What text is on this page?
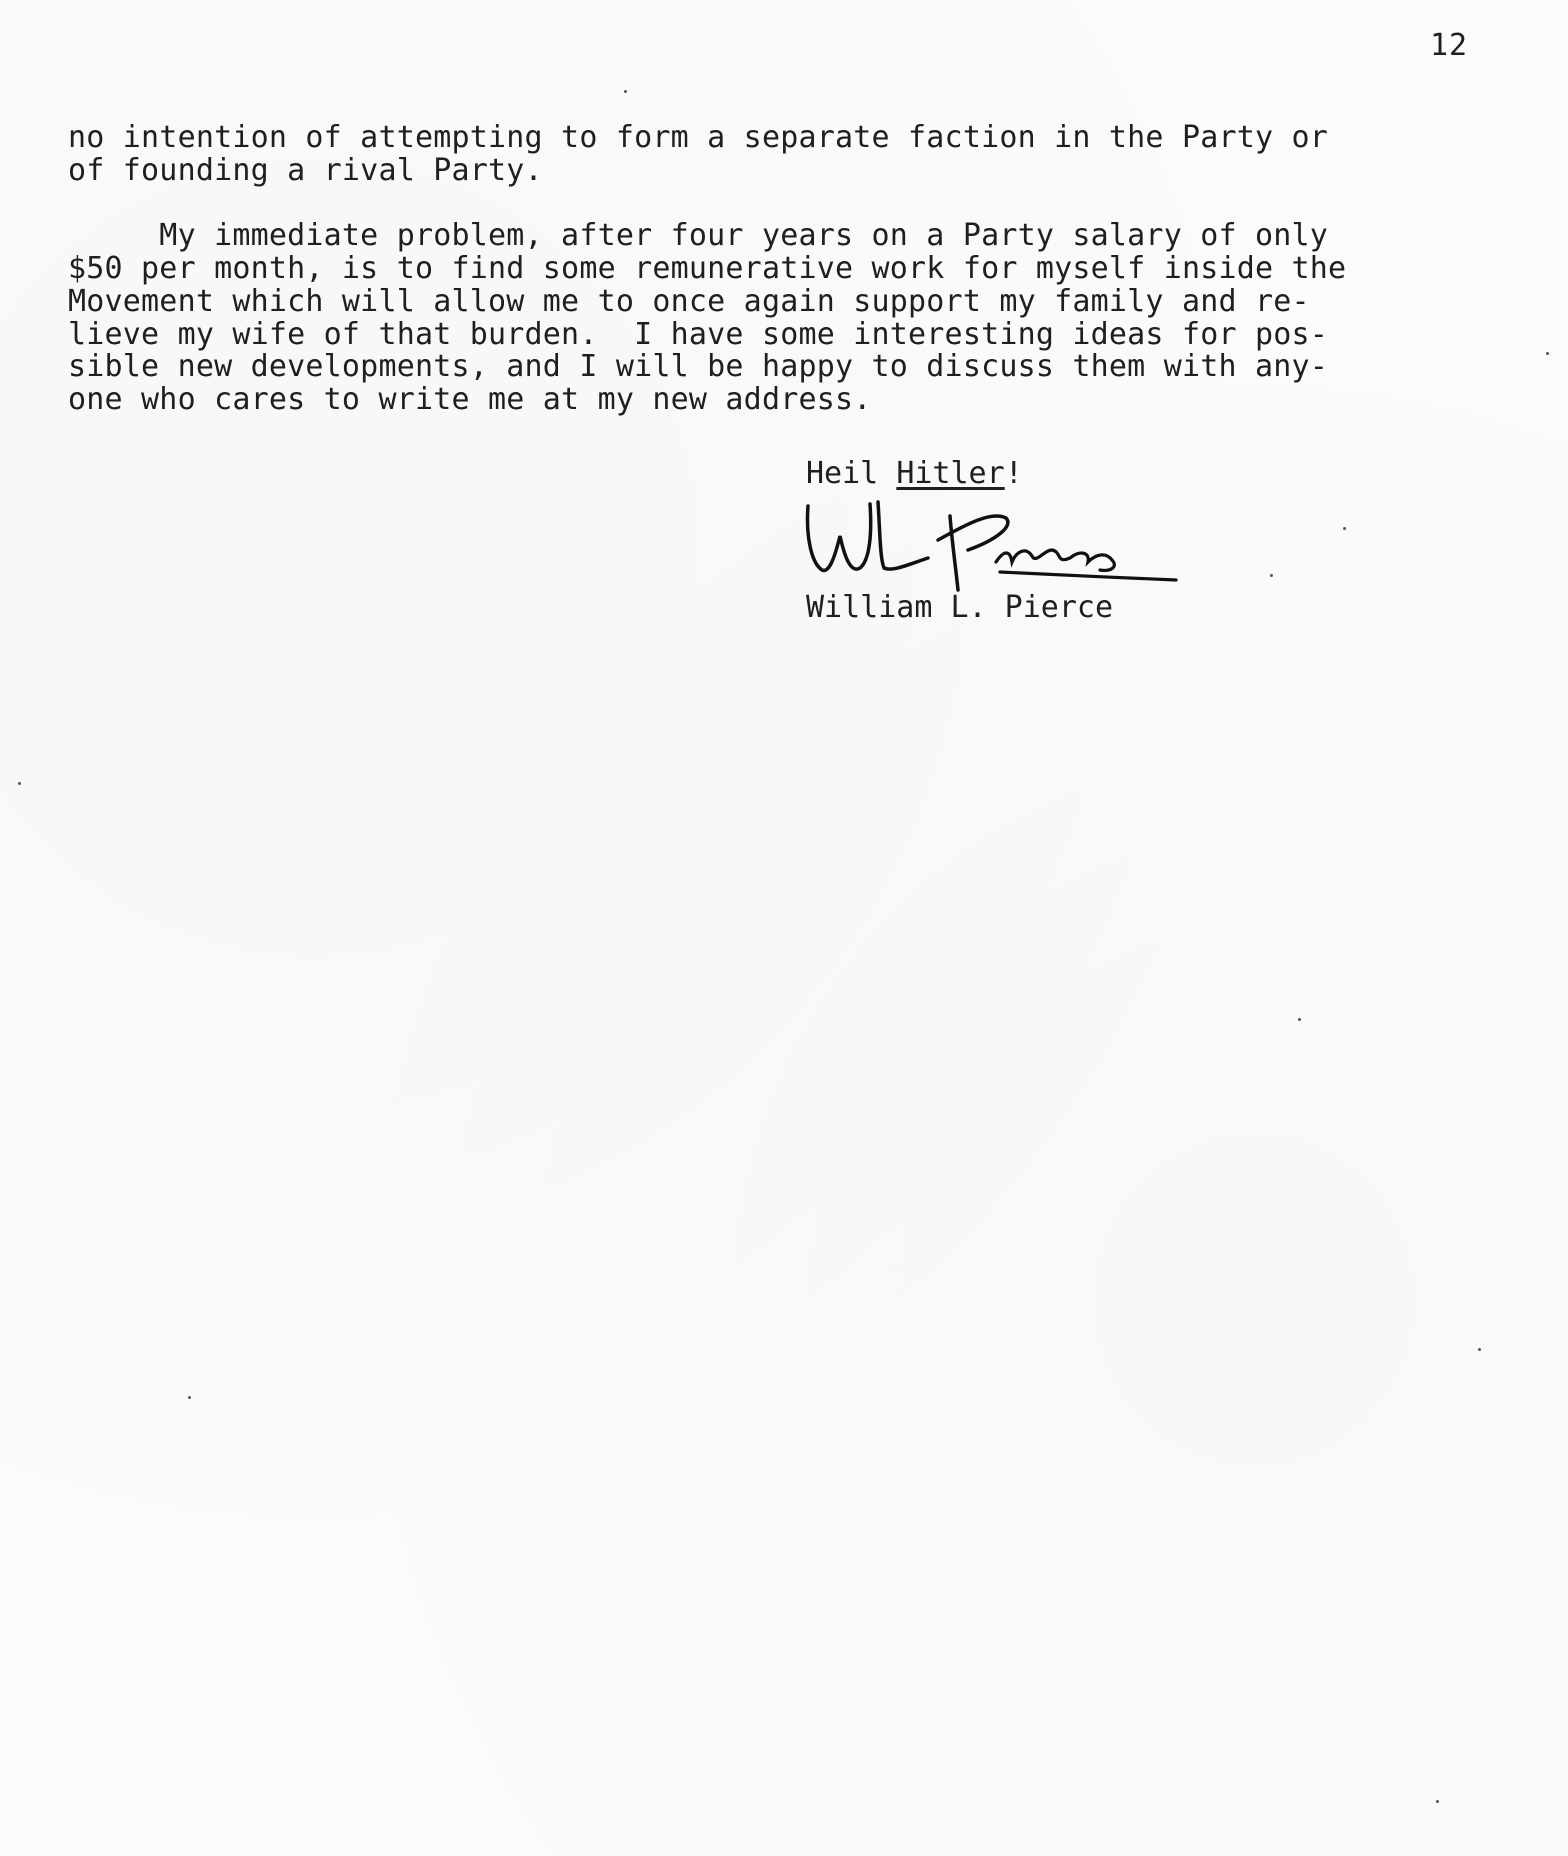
12
no intention of attempting to form a separate faction in the Party or
of founding a rival Party.
My immediate problem, after four years on a Party salary of only
$50 per month, is to find some remunerative work for myself inside the
Movement which will allow me to once again support my family and re-
lieve my wife of that burden.  I have some interesting ideas for pos-
sible new developments, and I will be happy to discuss them with any-
one who cares to write me at my new address.
Heil Hitler!
William L. Pierce
